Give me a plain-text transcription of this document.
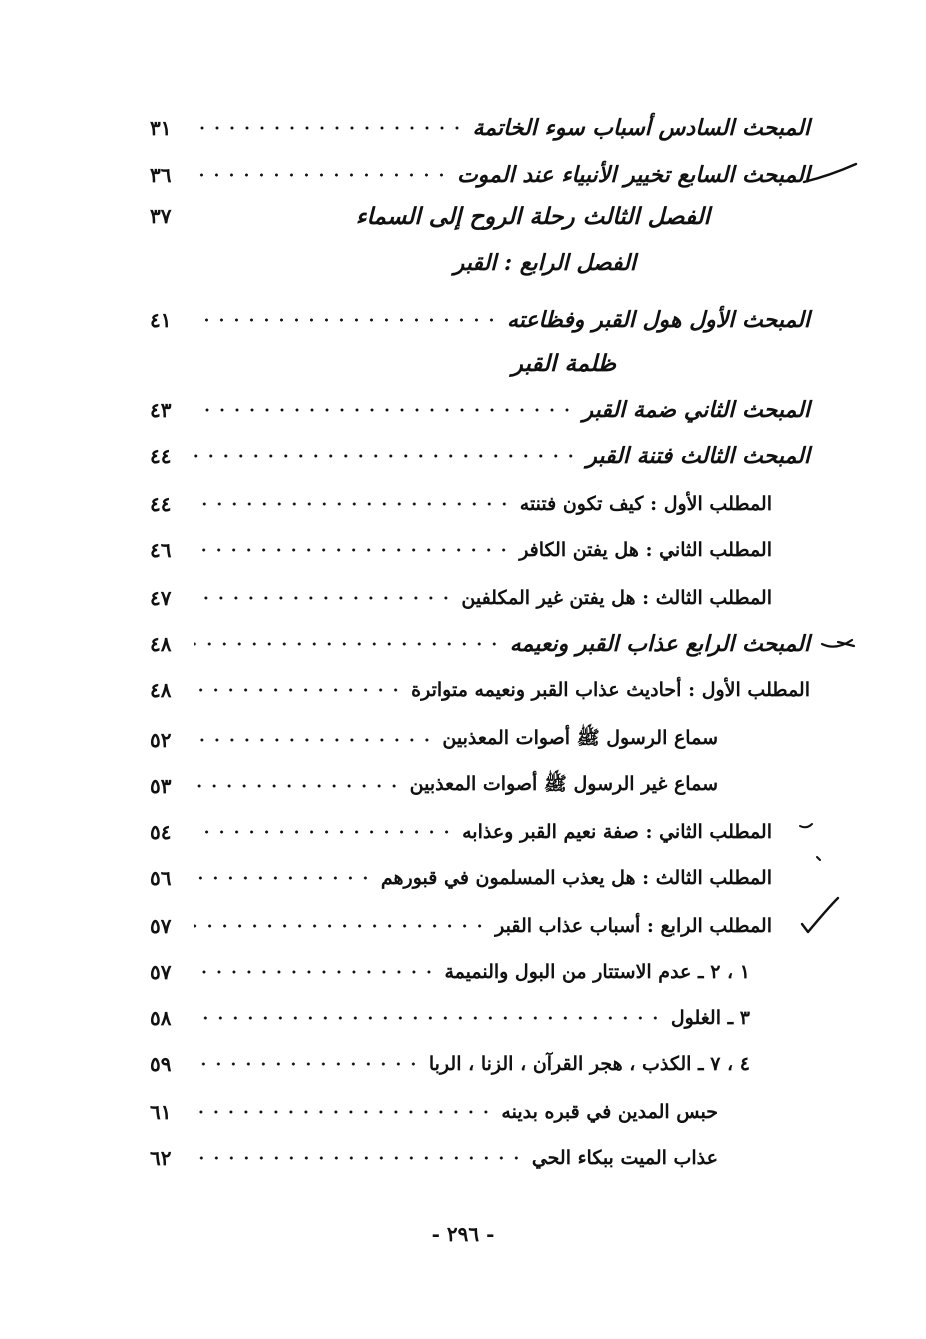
المبحث السادس أسباب سوء الخاتمة
٣١
المبحث السابع تخيير الأنبياء عند الموت
٣٦
الفصل الثالث رحلة الروح إلى السماء
٣٧
الفصل الرابع : القبر
المبحث الأول هول القبر وفظاعته
٤١
ظلمة القبر
المبحث الثاني ضمة القبر
٤٣
المبحث الثالث فتنة القبر
٤٤
المطلب الأول : كيف تكون فتنته
٤٤
المطلب الثاني : هل يفتن الكافر
٤٦
المطلب الثالث : هل يفتن غير المكلفين
٤٧
المبحث الرابع عذاب القبر ونعيمه
٤٨
المطلب الأول : أحاديث عذاب القبر ونعيمه متواترة
٤٨
سماع الرسول ﷺ أصوات المعذبين
٥٢
سماع غير الرسول ﷺ أصوات المعذبين
٥٣
المطلب الثاني : صفة نعيم القبر وعذابه
٥٤
المطلب الثالث : هل يعذب المسلمون في قبورهم
٥٦
المطلب الرابع : أسباب عذاب القبر
٥٧
١ ، ٢ ـ عدم الاستتار من البول والنميمة
٥٧
٣ ـ الغلول
٥٨
٤ ، ٧ ـ الكذب ، هجر القرآن ، الزنا ، الربا
٥٩
حبس المدين في قبره بدينه
٦١
عذاب الميت ببكاء الحي
٦٢
- ٢٩٦ -
